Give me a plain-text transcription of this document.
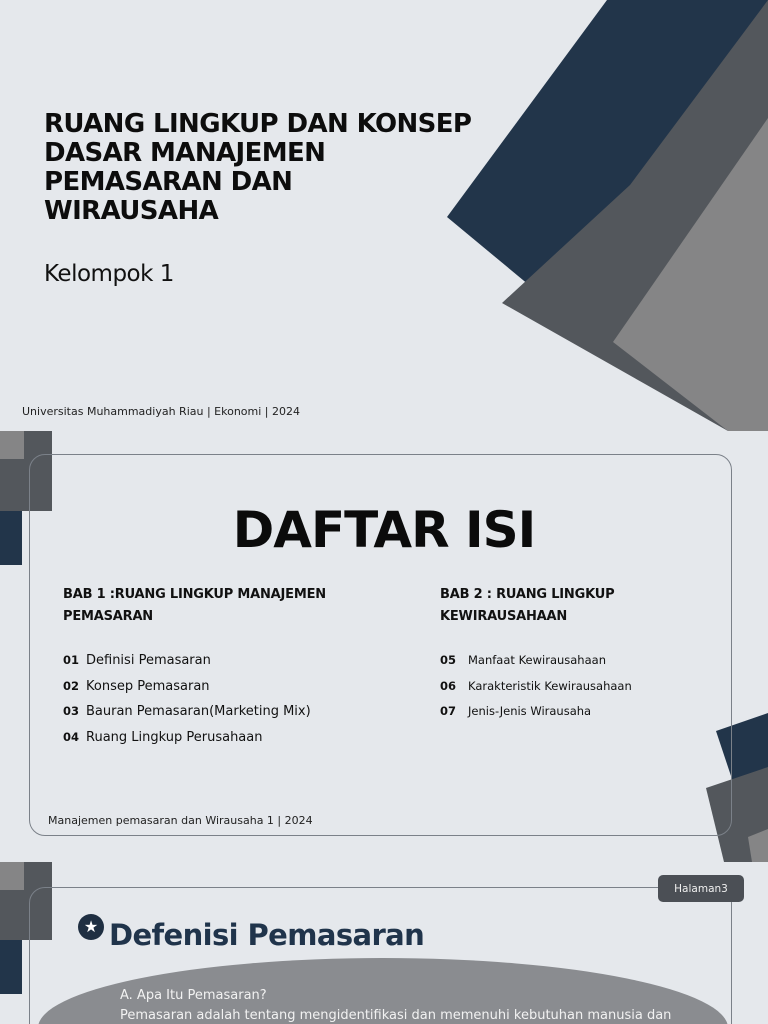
RUANG LINGKUP DAN KONSEP DASAR MANAJEMEN PEMASARAN DAN WIRAUSAHA
Kelompok 1
Universitas Muhammadiyah Riau | Ekonomi | 2024
DAFTAR ISI
BAB 1 :RUANG LINGKUP MANAJEMEN PEMASARAN
01 Definisi Pemasaran
02 Konsep Pemasaran
03 Bauran Pemasaran(Marketing Mix)
04 Ruang Lingkup Perusahaan
BAB 2 : RUANG LINGKUP KEWIRAUSAHAAN
05	Manfaat Kewirausahaan
06	Karakteristik Kewirausahaan
07	Jenis-Jenis Wirausaha
Manajemen pemasaran dan Wirausaha 1 | 2024
Halaman3
★ Defenisi Pemasaran
A. Apa Itu Pemasaran?
Pemasaran adalah tentang mengidentifikasi dan memenuhi kebutuhan manusia dan
